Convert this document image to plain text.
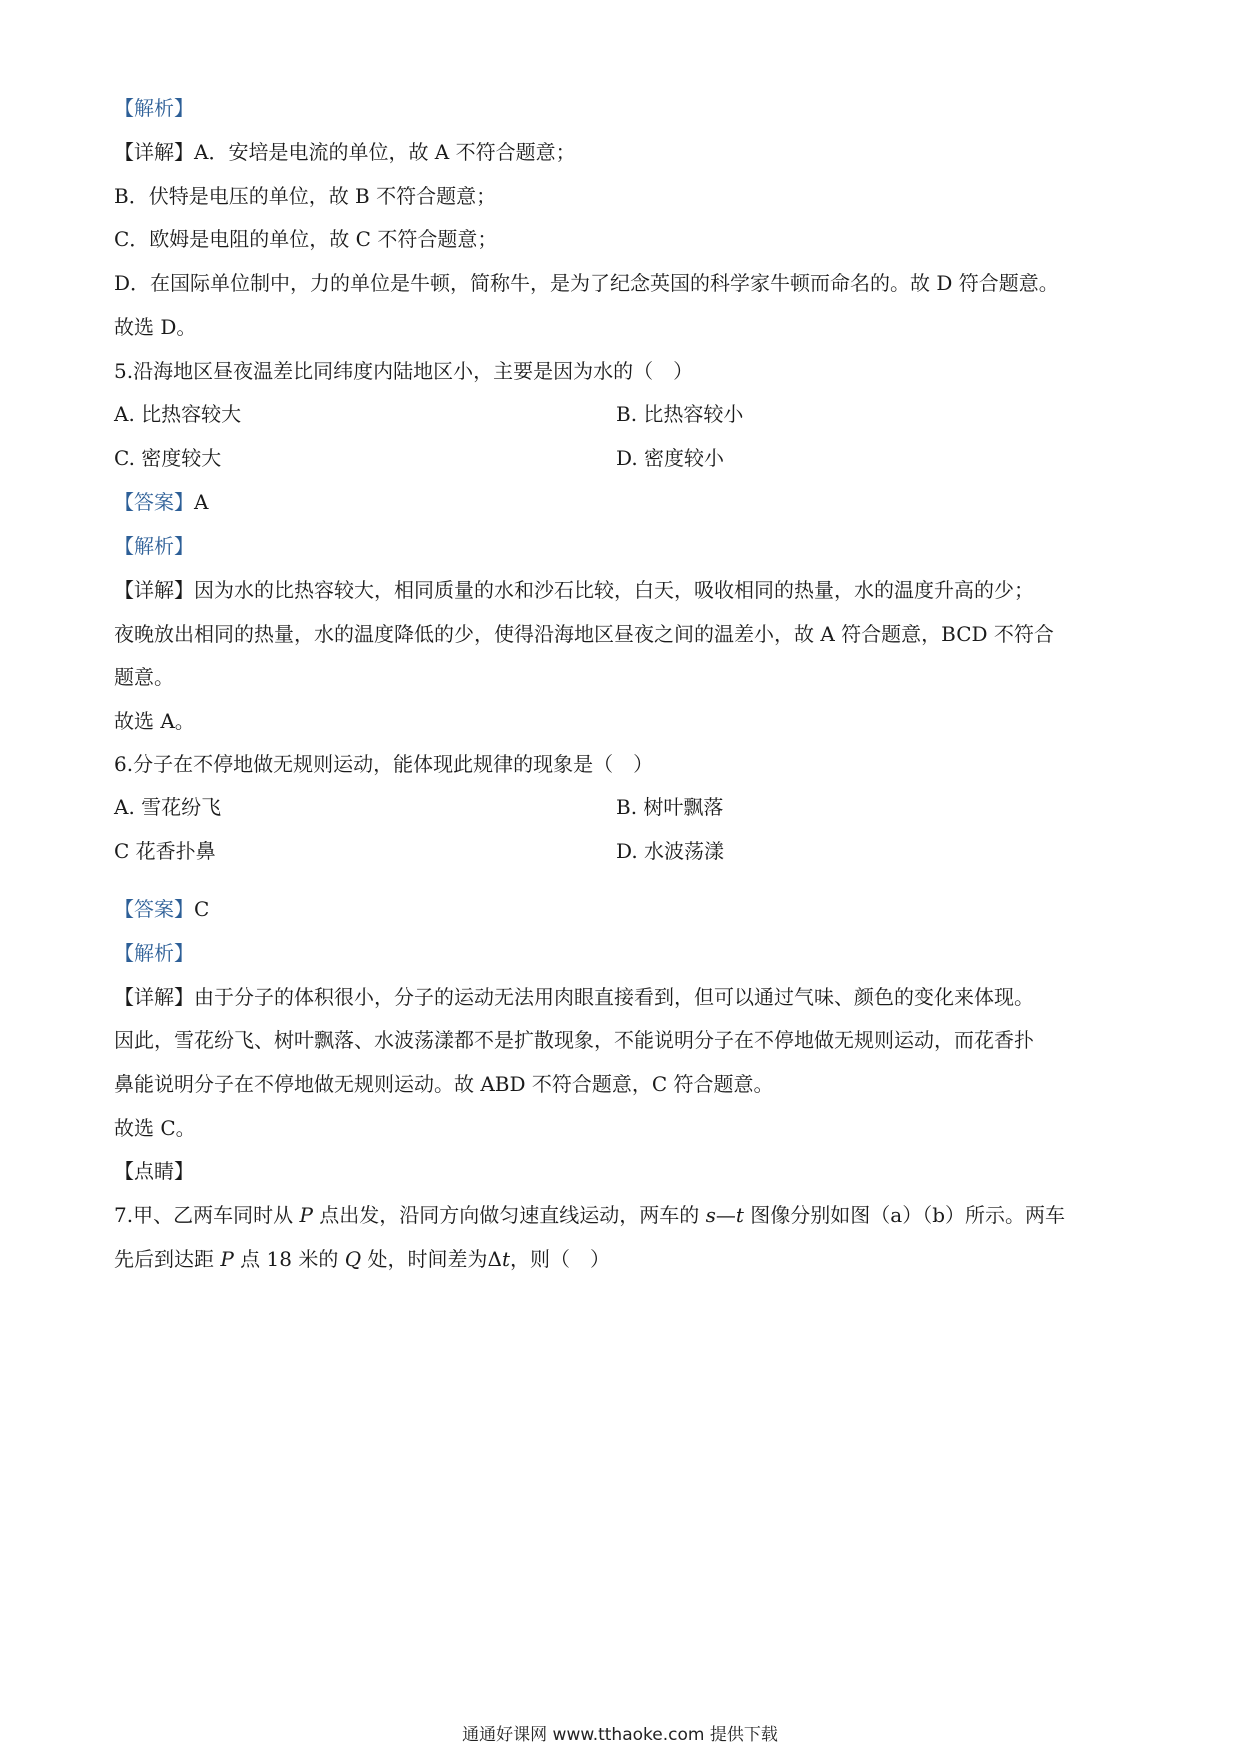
【解析】
【详解】A．安培是电流的单位，故 A 不符合题意；
B．伏特是电压的单位，故 B 不符合题意；
C．欧姆是电阻的单位，故 C 不符合题意；
D．在国际单位制中，力的单位是牛顿，简称牛，是为了纪念英国的科学家牛顿而命名的。故 D 符合题意。
故选 D。
5.沿海地区昼夜温差比同纬度内陆地区小，主要是因为水的（　）
A. 比热容较大	B. 比热容较小
C. 密度较大	D. 密度较小
【答案】A
【解析】
【详解】因为水的比热容较大，相同质量的水和沙石比较，白天，吸收相同的热量，水的温度升高的少；
夜晚放出相同的热量，水的温度降低的少，使得沿海地区昼夜之间的温差小，故 A 符合题意，BCD 不符合
题意。
故选 A。
6.分子在不停地做无规则运动，能体现此规律的现象是（　）
A. 雪花纷飞	B. 树叶飘落
C 花香扑鼻	D. 水波荡漾
【答案】C
【解析】
【详解】由于分子的体积很小，分子的运动无法用肉眼直接看到，但可以通过气味、颜色的变化来体现。
因此，雪花纷飞、树叶飘落、水波荡漾都不是扩散现象，不能说明分子在不停地做无规则运动，而花香扑
鼻能说明分子在不停地做无规则运动。故 ABD 不符合题意，C 符合题意。
故选 C。
【点睛】
7.甲、乙两车同时从 P 点出发，沿同方向做匀速直线运动，两车的 s—t 图像分别如图（a）（b）所示。两车
先后到达距 P 点 18 米的 Q 处，时间差为Δt，则（　）
通通好课网 www.tthaoke.com 提供下载
